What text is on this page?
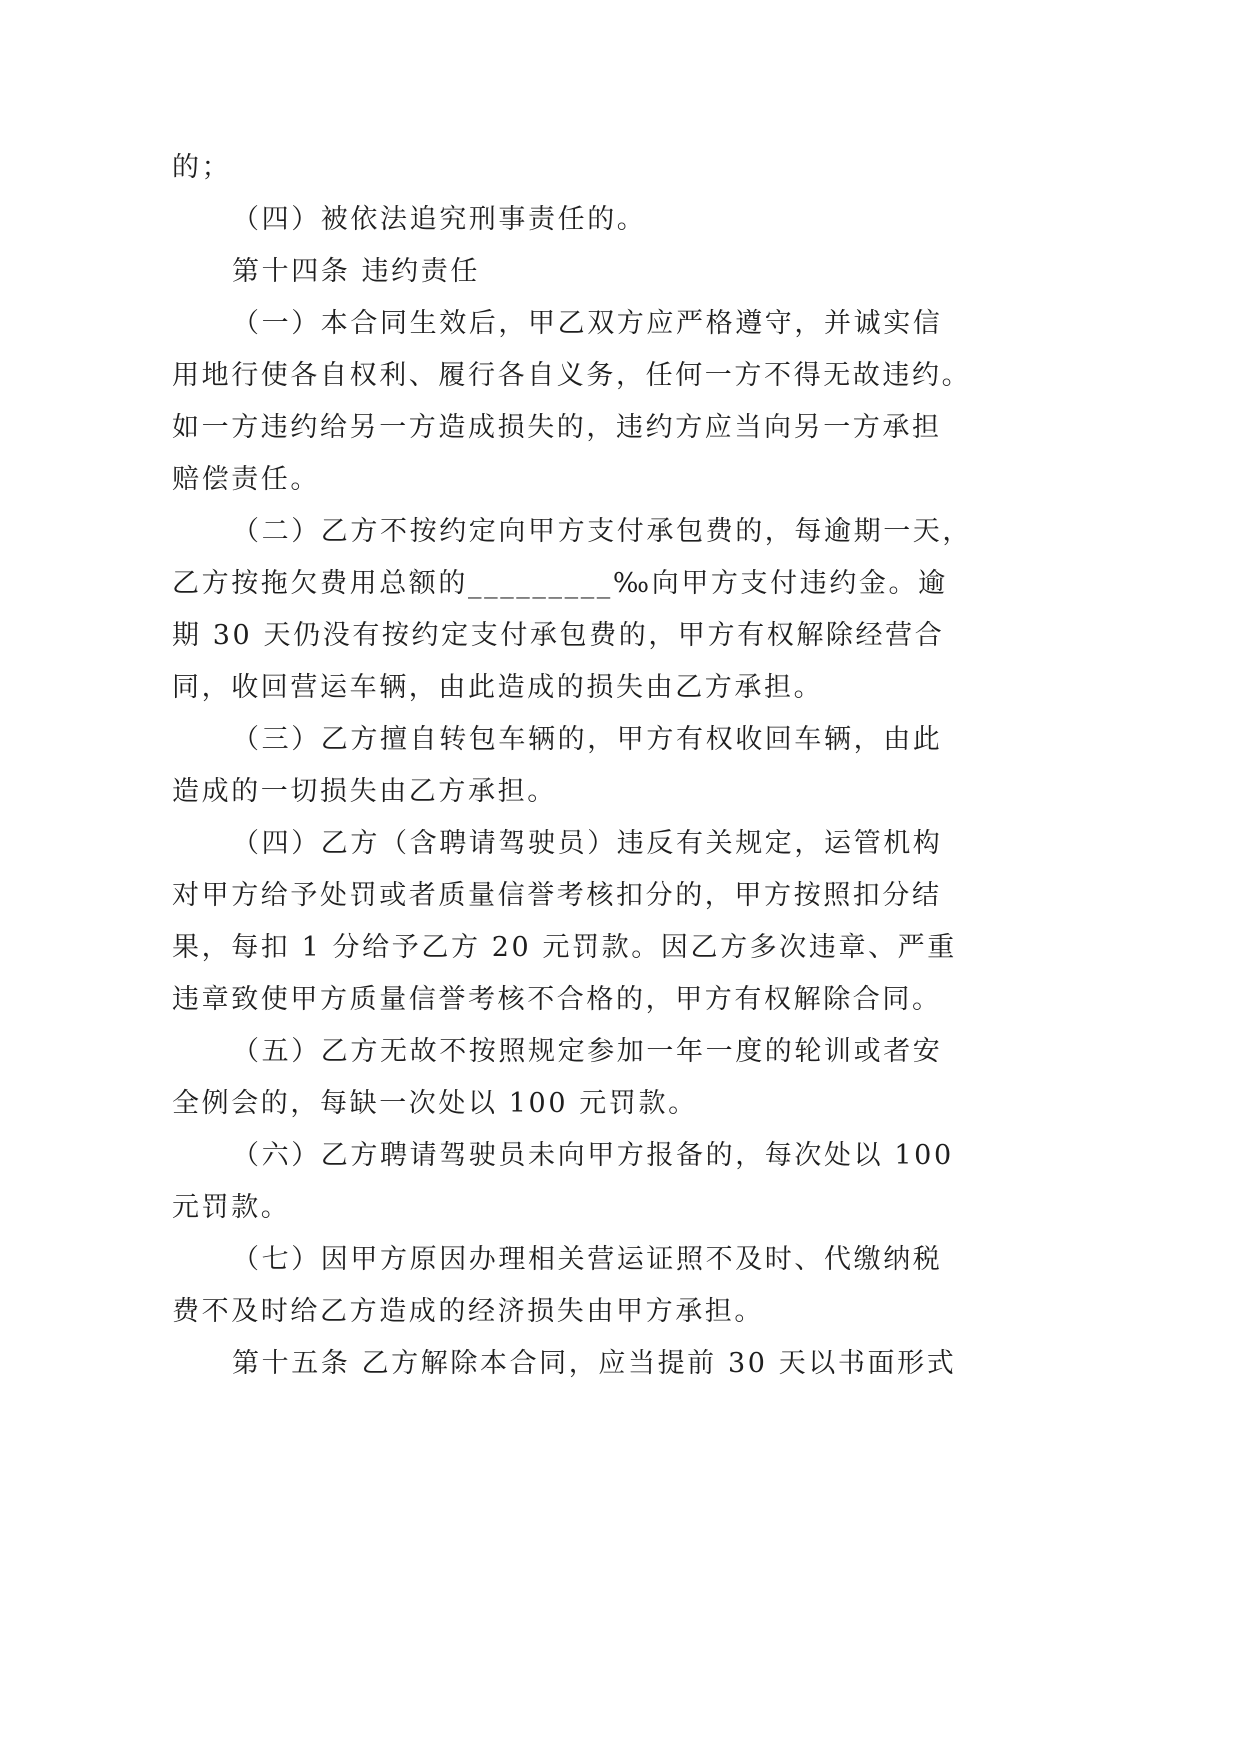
的；
（四）被依法追究刑事责任的。
第十四条 违约责任
（一）本合同生效后，甲乙双方应严格遵守，并诚实信
用地行使各自权利、履行各自义务，任何一方不得无故违约。
如一方违约给另一方造成损失的，违约方应当向另一方承担
赔偿责任。
（二）乙方不按约定向甲方支付承包费的，每逾期一天，
乙方按拖欠费用总额的_________‰向甲方支付违约金。逾
期 30 天仍没有按约定支付承包费的，甲方有权解除经营合
同，收回营运车辆，由此造成的损失由乙方承担。
（三）乙方擅自转包车辆的，甲方有权收回车辆，由此
造成的一切损失由乙方承担。
（四）乙方（含聘请驾驶员）违反有关规定，运管机构
对甲方给予处罚或者质量信誉考核扣分的，甲方按照扣分结
果，每扣 1 分给予乙方 20 元罚款。因乙方多次违章、严重
违章致使甲方质量信誉考核不合格的，甲方有权解除合同。
（五）乙方无故不按照规定参加一年一度的轮训或者安
全例会的，每缺一次处以 100 元罚款。
（六）乙方聘请驾驶员未向甲方报备的，每次处以 100
元罚款。
（七）因甲方原因办理相关营运证照不及时、代缴纳税
费不及时给乙方造成的经济损失由甲方承担。
第十五条 乙方解除本合同，应当提前 30 天以书面形式
